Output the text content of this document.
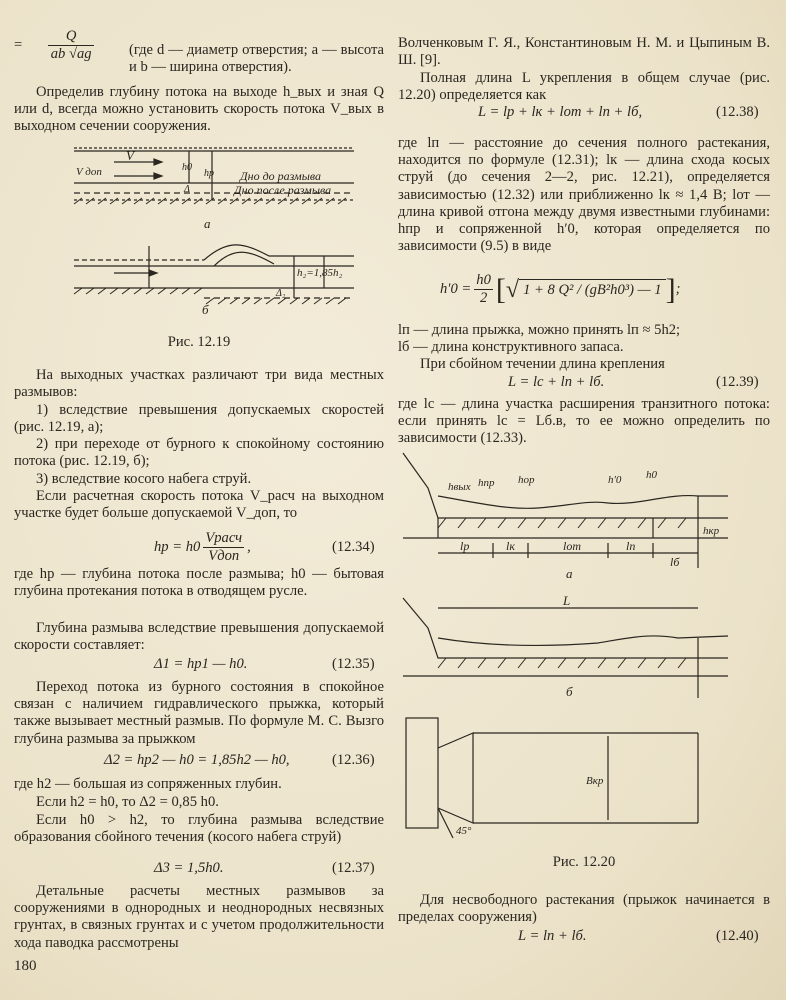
= $\frac{Q}{ab √ag} (где$ d — диаметр отверстия; a — высота и b — ширина отверстия).

Определив глубину потока на выходе h_вых и зная Q или d, всегда можно установить скорость потока V_вых в выходном сечении сооружения.

V
V доп	h0
hp
Δ
Дно до размыва
Дно после размыва
а
h₂=1,85h₂
Δ₂
б
Рис. 12.19

На выходных участках различают три вида местных размывов:

1) вследствие превышения допускаемых скоростей (рис. 12.19, а);

2) при переходе от бурного к спокойному состоянию потока (рис. 12.19, б);

3) вследствие косого набега струй.

Если расчетная скорость потока V_расч на выходном участке будет больше допускаемой V_доп, то

hр = $h0 \frac{\text{Vрасч}}{\text{Vдоп}}$ ,	(12.34)

где hр — глубина потока после размыва; h0 — бытовая глубина протекания потока в отводящем русле.

Глубина размыва вследствие превышения допускаемой скорости составляет:

Δ1 = hр1 — h0.	(12.35)

Переход потока из бурного состояния в спокойное связан с наличием гидравлического прыжка, который также вызывает местный размыв. По формуле М. С. Вызго глубина размыва за прыжком

Δ2 = hр2 — h0 = 1,85h2 — h0,	(12.36)

где h2 — большая из сопряженных глубин.

Если h2 = h0, то Δ2 = 0,85 h0.

Если h0 > h2, то глубина размыва вследствие образования сбойного течения (косого набега струй)

Δ3 = 1,5h0.	(12.37)

Детальные расчеты местных размывов за сооружениями в однородных и неоднородных несвязных грунтах, в связных грунтах и с учетом продолжительности хода паводка рассмотрены

Волченковым Г. Я., Константиновым Н. М. и Цыпиным В. Ш. [9].

Полная длина L укрепления в общем случае (рис. 12.20) определяется как

L = lр + lк + lот + lп + lб,	(12.38)

где lп — расстояние до сечения полного растекания, находится по формуле (12.31); lк — длина схода косых струй (до сечения 2—2, рис. 12.21), определяется зависимостью (12.32) или приближенно lк ≈ 1,4 B; lот — длина кривой отгона между двумя известными глубинами: hпр и сопряженной h′0, которая определяется по зависимости (9.5) в виде

$h'0 = \frac{h0}{2}$ [ √ 1 + 8 Q² / (gB²h0³) — 1 ] ;

lп — длина прыжка, можно принять lп ≈ 5h2;

lб — длина конструктивного запаса.

При сбойном течении длина крепления

L = lс + lп + lб.	(12.39)

где lс — длина участка расширения транзитного потока: если принять lс = Lб.в, то ее можно определить по зависимости (12.33).

hвых hпр hор	h′0 h0
hкр
lр	lк	lот	lп
lб
а
L
б
Bкр
45°
Рис. 12.20

Для несвободного растекания (прыжок начинается в пределах сооружения)

L = lп + lб.	(12.40)
180
